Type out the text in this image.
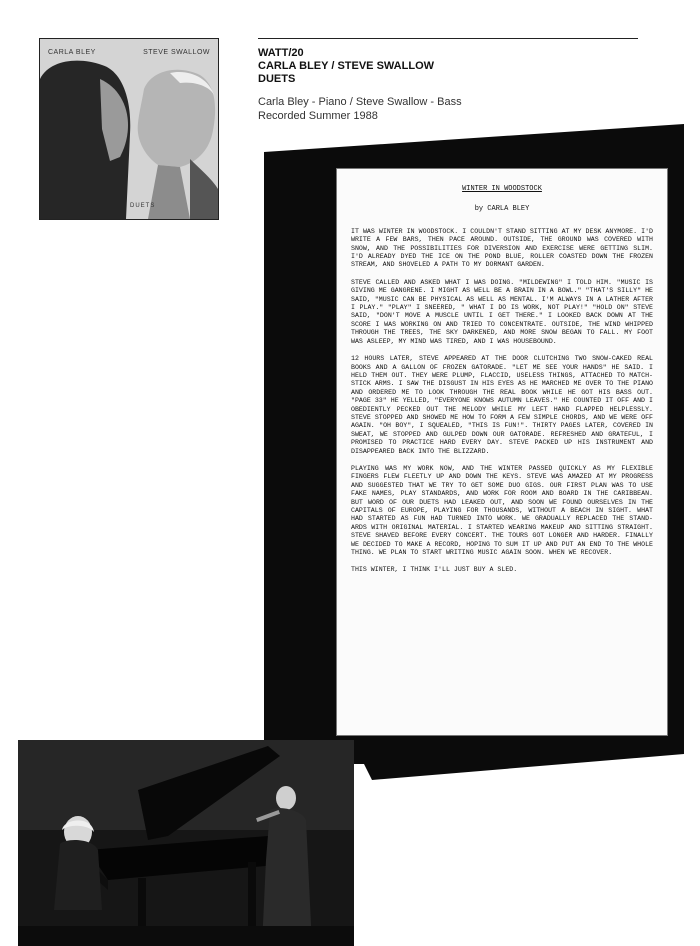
CARLA BLEY	STEVE SWALLOW
DUETS
WATT/20
CARLA BLEY / STEVE SWALLOW
DUETS
Carla Bley - Piano / Steve Swallow - Bass
Recorded Summer 1988
WINTER IN WOODSTOCK
by CARLA BLEY

IT WAS WINTER IN WOODSTOCK. I COULDN'T STAND SITTING AT MY DESK ANYMORE. I'D WRITE A FEW BARS, THEN PACE AROUND. OUTSIDE, THE GROUND WAS COVERED WITH SNOW, AND THE POSSIBILITIES FOR DIVERSION AND EXERCISE WERE GETTING SLIM. I'D ALREADY DYED THE ICE ON THE POND BLUE, ROLLER COASTED DOWN THE FROZEN STREAM, AND SHOVELED A PATH TO MY DORMANT GARDEN.

STEVE CALLED AND ASKED WHAT I WAS DOING. "MILDEWING" I TOLD HIM. "MUSIC IS GIVING ME GANGRENE. I MIGHT AS WELL BE A BRAIN IN A BOWL." "THAT'S SILLY" HE SAID, "MUSIC CAN BE PHYSICAL AS WELL AS MENTAL. I'M ALWAYS IN A LATHER AFTER I PLAY." "PLAY" I SNEERED, " WHAT I DO IS WORK, NOT PLAY!" "HOLD ON" STEVE SAID, "DON'T MOVE A MUSCLE UNTIL I GET THERE." I LOOKED BACK DOWN AT THE SCORE I WAS WORKING ON AND TRIED TO CONCENTRATE. OUTSIDE, THE WIND WHIPPED THROUGH THE TREES, THE SKY DARKENED, AND MORE SNOW BEGAN TO FALL. MY FOOT WAS ASLEEP, MY MIND WAS TIRED, AND I WAS HOUSEBOUND.

12 HOURS LATER, STEVE APPEARED AT THE DOOR CLUTCHING TWO SNOW-CAKED REAL BOOKS AND A GALLON OF FROZEN GATORADE. "LET ME SEE YOUR HANDS" HE SAID. I HELD THEM OUT. THEY WERE PLUMP, FLACCID, USELESS THINGS, ATTACHED TO MATCH-STICK ARMS. I SAW THE DISGUST IN HIS EYES AS HE MARCHED ME OVER TO THE PIANO AND ORDERED ME TO LOOK THROUGH THE REAL BOOK WHILE HE GOT HIS BASS OUT. "PAGE 33" HE YELLED, "EVERYONE KNOWS AUTUMN LEAVES." HE COUNTED IT OFF AND I OBEDIENTLY PECKED OUT THE MELODY WHILE MY LEFT HAND FLAPPED HELPLESSLY. STEVE STOPPED AND SHOWED ME HOW TO FORM A FEW SIMPLE CHORDS, AND WE WERE OFF AGAIN. "OH BOY", I SQUEALED, "THIS IS FUN!". THIRTY PAGES LATER, COVERED IN SWEAT, WE STOPPED AND GULPED DOWN OUR GATORADE. REFRESHED AND GRATEFUL, I PROMISED TO PRACTICE HARD EVERY DAY. STEVE PACKED UP HIS INSTRUMENT AND DISAPPEARED BACK INTO THE BLIZZARD.

PLAYING WAS MY WORK NOW, AND THE WINTER PASSED QUICKLY AS MY FLEXIBLE FINGERS FLEW FLEETLY UP AND DOWN THE KEYS. STEVE WAS AMAZED AT MY PROGRESS AND SUGGESTED THAT WE TRY TO GET SOME DUO GIGS. OUR FIRST PLAN WAS TO USE FAKE NAMES, PLAY STANDARDS, AND WORK FOR ROOM AND BOARD IN THE CARIBBEAN. BUT WORD OF OUR DUETS HAD LEAKED OUT, AND SOON WE FOUND OURSELVES IN THE CAPITALS OF EUROPE, PLAYING FOR THOUSANDS, WITHOUT A BEACH IN SIGHT. WHAT HAD STARTED AS FUN HAD TURNED INTO WORK. WE GRADUALLY REPLACED THE STAND-ARDS WITH ORIGINAL MATERIAL. I STARTED WEARING MAKEUP AND SITTING STRAIGHT. STEVE SHAVED BEFORE EVERY CONCERT. THE TOURS GOT LONGER AND HARDER. FINALLY WE DECIDED TO MAKE A RECORD, HOPING TO SUM IT UP AND PUT AN END TO THE WHOLE THING. WE PLAN TO START WRITING MUSIC AGAIN SOON. WHEN WE RECOVER.

THIS WINTER, I THINK I'LL JUST BUY A SLED.
